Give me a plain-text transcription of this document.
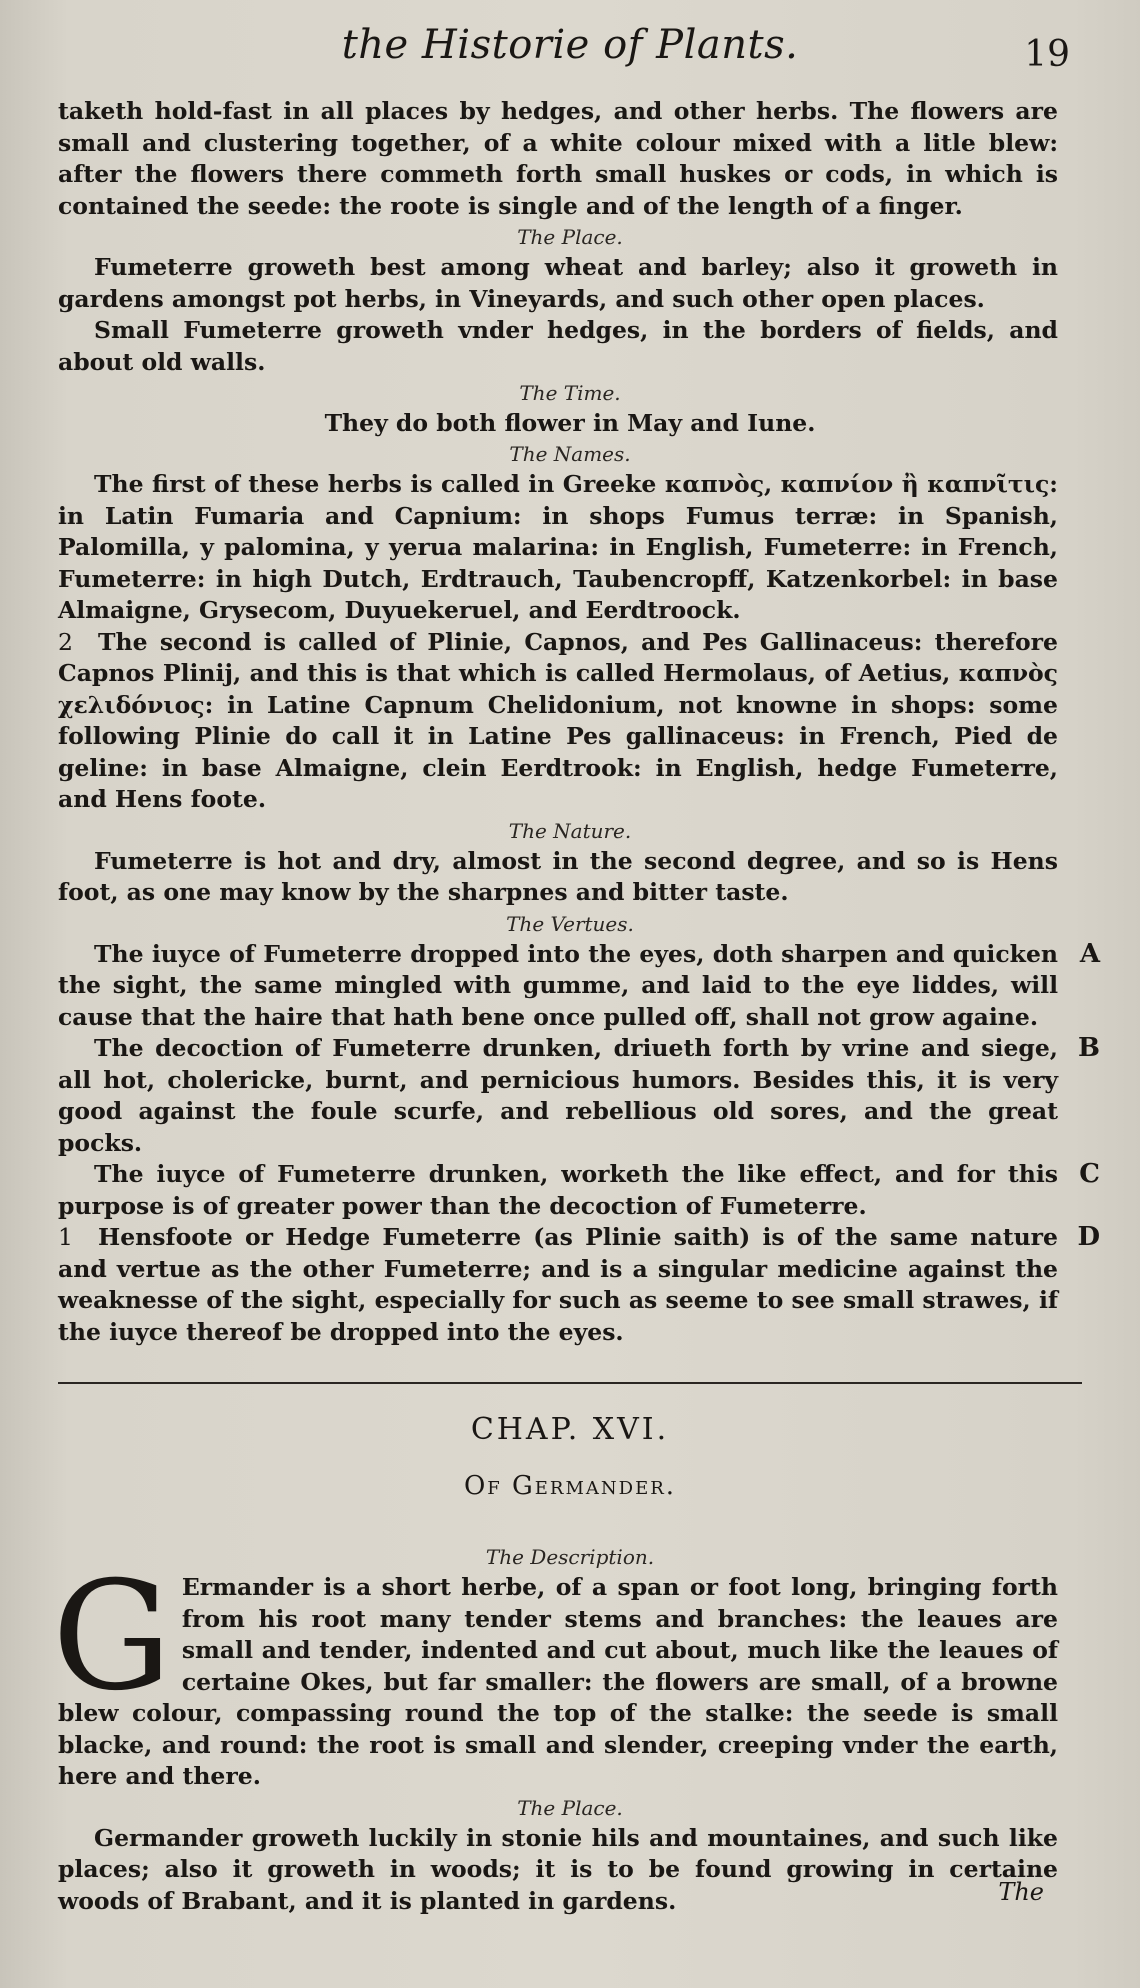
the Historie of Plants.	19

taketh hold-fast in all places by hedges, and other herbs. The flowers are small and clustering together, of a white colour mixed with a litle blew: after the flowers there commeth forth small huskes or cods, in which is contained the seede: the roote is single and of the length of a finger.

The Place.

Fumeterre groweth best among wheat and barley; also it groweth in gardens amongst pot herbs, in Vineyards, and such other open places.

Small Fumeterre groweth vnder hedges, in the borders of fields, and about old walls.

The Time.

They do both flower in May and Iune.

The Names.

The first of these herbs is called in Greeke καπνὸς, καπνίον ἢ καπνῖτις: in Latin Fumaria and Capnium: in shops Fumus terræ: in Spanish, Palomilla, y palomina, y yerua malarina: in English, Fumeterre: in French, Fumeterre: in high Dutch, Erdtrauch, Taubencropff, Katzenkorbel: in base Almaigne, Grysecom, Duyuekeruel, and Eerdtroock.

2 The second is called of Plinie, Capnos, and Pes Gallinaceus: therefore Capnos Plinij, and this is that which is called Hermolaus, of Aetius, καπνὸς χελιδόνιος: in Latine Capnum Chelidonium, not knowne in shops: some following Plinie do call it in Latine Pes gallinaceus: in French, Pied de geline: in base Almaigne, clein Eerdtrook: in English, hedge Fumeterre, and Hens foote.

The Nature.

Fumeterre is hot and dry, almost in the second degree, and so is Hens foot, as one may know by the sharpnes and bitter taste.

The Vertues.

The iuyce of Fumeterre dropped into the eyes, doth sharpen and quicken the sight, the same mingled with gumme, and laid to the eye liddes, will cause that the haire that hath bene once pulled off, shall not grow againe.
A

The decoction of Fumeterre drunken, driueth forth by vrine and siege, all hot, cholericke, burnt, and pernicious humors. Besides this, it is very good against the foule scurfe, and rebellious old sores, and the great pocks.
B

The iuyce of Fumeterre drunken, worketh the like effect, and for this purpose is of greater power than the decoction of Fumeterre.
C

1 Hensfoote or Hedge Fumeterre (as Plinie saith) is of the same nature and vertue as the other Fumeterre; and is a singular medicine against the weaknesse of the sight, especially for such as seeme to see small strawes, if the iuyce thereof be dropped into the eyes.
D

CHAP. XVI.

Of Germander.

The Description.

G Ermander is a short herbe, of a span or foot long, bringing forth from his root many tender stems and branches: the leaues are small and tender, indented and cut about, much like the leaues of certaine Okes, but far smaller: the flowers are small, of a browne blew colour, compassing round the top of the stalke: the seede is small blacke, and round: the root is small and slender, creeping vnder the earth, here and there.

The Place.

Germander groweth luckily in stonie hils and mountaines, and such like places; also it groweth in woods; it is to be found growing in certaine woods of Brabant, and it is planted in gardens.	The
